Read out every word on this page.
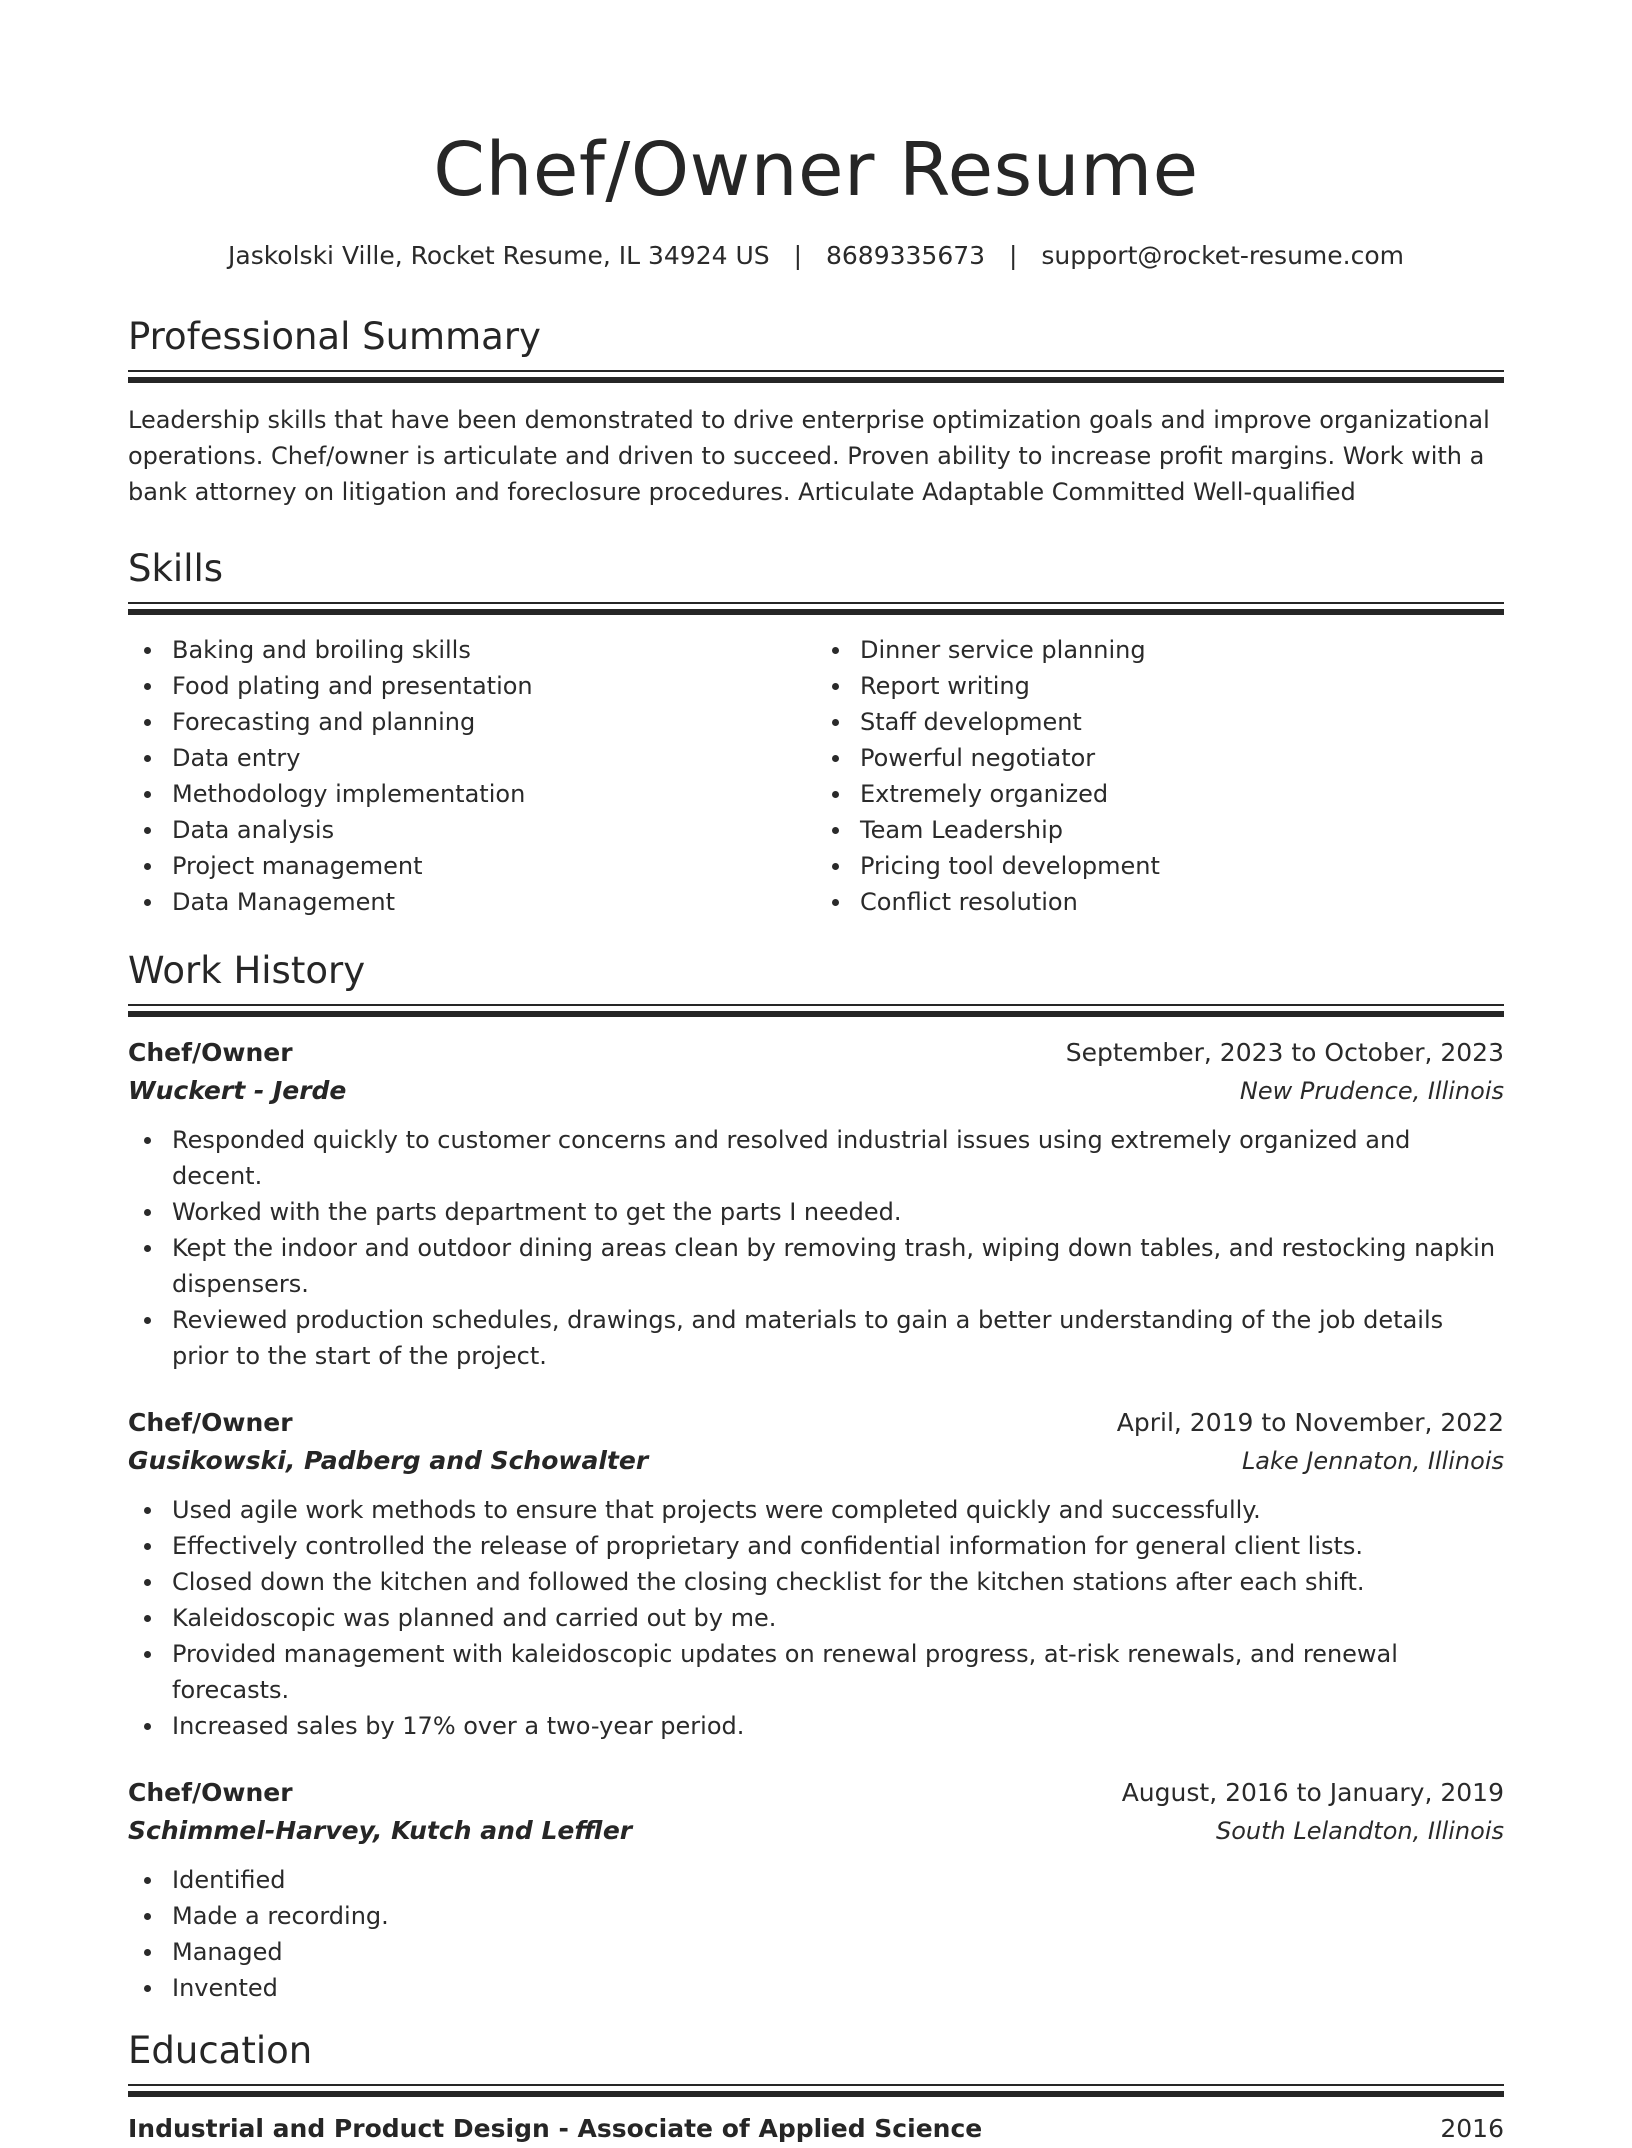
Chef/Owner Resume
Jaskolski Ville, Rocket Resume, IL 34924 US | 8689335673 | support@rocket-resume.com
Professional Summary

Leadership skills that have been demonstrated to drive enterprise optimization goals and improve organizational operations. Chef/owner is articulate and driven to succeed. Proven ability to increase profit margins. Work with a bank attorney on litigation and foreclosure procedures. Articulate Adaptable Committed Well-qualified

Skills
Baking and broiling skills
Food plating and presentation
Forecasting and planning
Data entry
Methodology implementation
Data analysis
Project management
Data Management
Dinner service planning
Report writing
Staff development
Powerful negotiator
Extremely organized
Team Leadership
Pricing tool development
Conflict resolution
Work History
Chef/Owner	September, 2023 to October, 2023
Wuckert - Jerde	New Prudence, Illinois
Responded quickly to customer concerns and resolved industrial issues using extremely organized and decent.
Worked with the parts department to get the parts I needed.
Kept the indoor and outdoor dining areas clean by removing trash, wiping down tables, and restocking napkin dispensers.
Reviewed production schedules, drawings, and materials to gain a better understanding of the job details prior to the start of the project.
Chef/Owner	April, 2019 to November, 2022
Gusikowski, Padberg and Schowalter	Lake Jennaton, Illinois
Used agile work methods to ensure that projects were completed quickly and successfully.
Effectively controlled the release of proprietary and confidential information for general client lists.
Closed down the kitchen and followed the closing checklist for the kitchen stations after each shift.
Kaleidoscopic was planned and carried out by me.
Provided management with kaleidoscopic updates on renewal progress, at-risk renewals, and renewal forecasts.
Increased sales by 17% over a two-year period.
Chef/Owner	August, 2016 to January, 2019
Schimmel-Harvey, Kutch and Leffler	South Lelandton, Illinois
Identified
Made a recording.
Managed
Invented
Education
Industrial and Product Design - Associate of Applied Science	2016
